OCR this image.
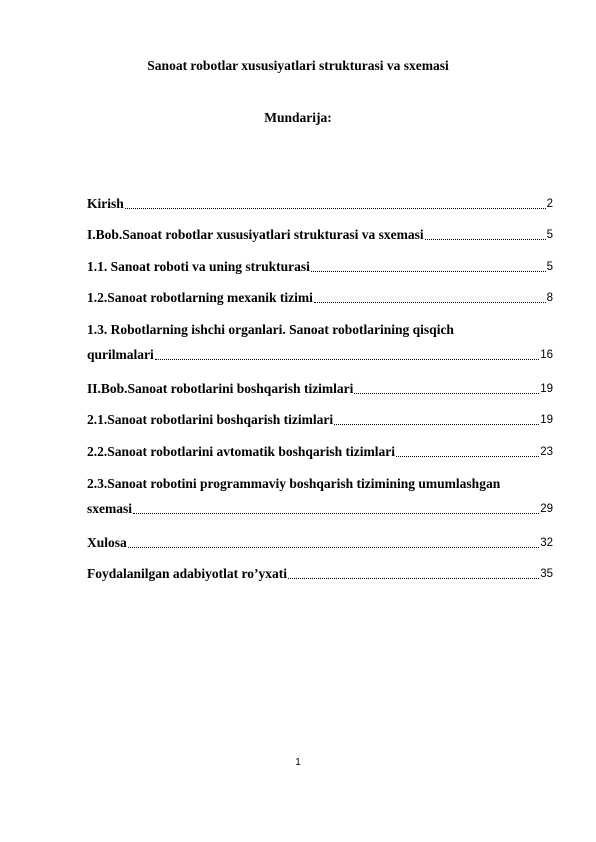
Sanoat robotlar xususiyatlari strukturasi va sxemasi
Mundarija:
Kirish	2
I.Bob.Sanoat robotlar xususiyatlari strukturasi va sxemasi	5
1.1. Sanoat roboti va uning strukturasi	5
1.2.Sanoat robotlarning mexanik tizimi	8
1.3. Robotlarning ishchi organlari. Sanoat robotlarining qisqich
qurilmalari	16
II.Bob.Sanoat robotlarini boshqarish tizimlari	19
2.1.Sanoat robotlarini boshqarish tizimlari	19
2.2.Sanoat robotlarini avtomatik boshqarish tizimlari	23
2.3.Sanoat robotini programmaviy boshqarish tizimining umumlashgan
sxemasi	29
Xulosa	32
Foydalanilgan adabiyotlat ro’yxati	35
1
